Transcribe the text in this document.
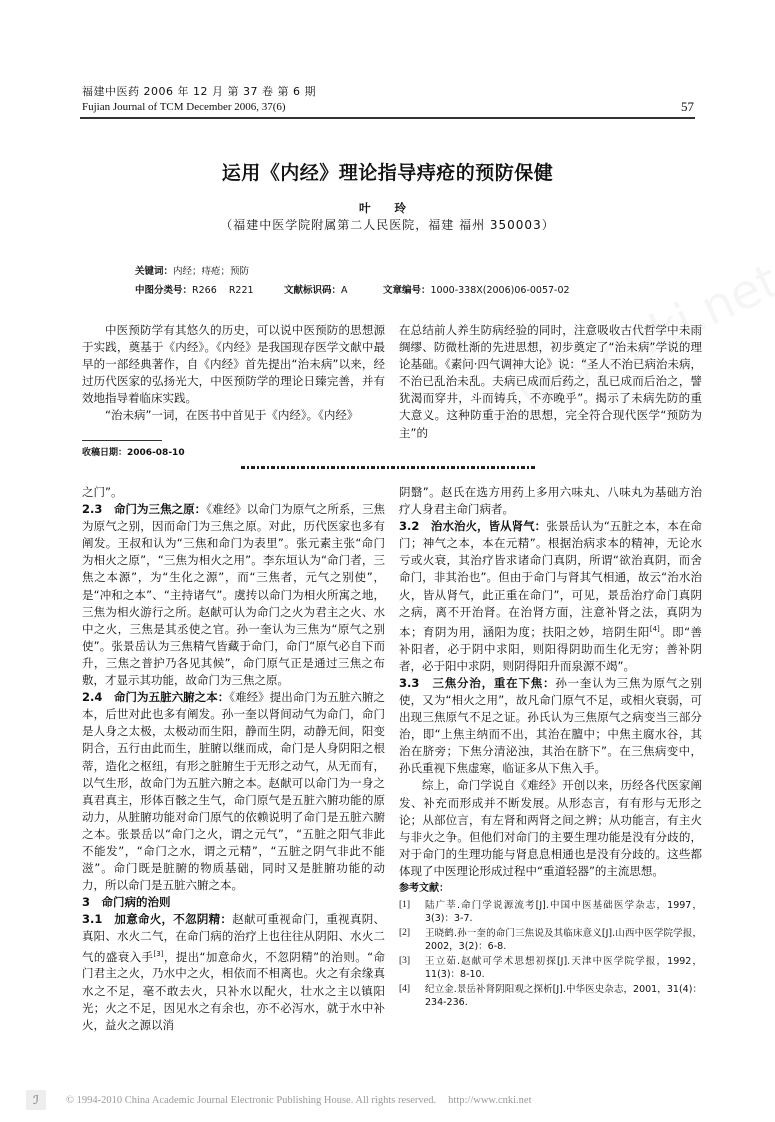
福建中医药 2006 年 12 月 第 37 卷 第 6 期
Fujian Journal of TCM December 2006, 37(6)	57
运用《内经》理论指导痔疮的预防保健
叶 玲
（福建中医学院附属第二人民医院，福建 福州 350003）
关键词：内经；痔疮；预防
中图分类号：R266    R221	文献标识码：A	文章编号：1000-338X(2006)06-0057-02

中医预防学有其悠久的历史，可以说中医预防的思想源于实践，奠基于《内经》。《内经》是我国现存医学文献中最早的一部经典著作，自《内经》首先提出“治未病”以来，经过历代医家的弘扬光大，中医预防学的理论日臻完善，并有效地指导着临床实践。

“治未病”一词，在医书中首见于《内经》。《内经》

在总结前人养生防病经验的同时，注意吸收古代哲学中未雨绸缪、防微杜渐的先进思想，初步奠定了“治未病”学说的理论基础。《素问·四气调神大论》说：“圣人不治已病治未病，不治已乱治未乱。夫病已成而后药之，乱已成而后治之，譬犹渴而穿井，斗而铸兵，不亦晚乎”。揭示了未病先防的重大意义。这种防重于治的思想，完全符合现代医学“预防为主”的

收稿日期：2006-08-10

之门”。

2.3　命门为三焦之原：《难经》以命门为原气之所系，三焦为原气之别，因而命门为三焦之原。对此，历代医家也多有阐发。王叔和认为“三焦和命门为表里”。张元素主张“命门为相火之原”，“三焦为相火之用”。李东垣认为“命门者，三焦之本源”，为“生化之源”，而“三焦者，元气之别使”，是“冲和之本”、“主持诸气”。虞抟以命门为相火所寓之地，三焦为相火游行之所。赵献可认为命门之火为君主之火、水中之火，三焦是其丞使之官。孙一奎认为三焦为“原气之别使”。张景岳认为三焦精气皆藏于命门，命门“原气必自下而升，三焦之普护乃各见其候”，命门原气正是通过三焦之布敷，才显示其功能，故命门为三焦之原。

2.4　命门为五脏六腑之本：《难经》提出命门为五脏六腑之本，后世对此也多有阐发。孙一奎以肾间动气为命门，命门是人身之太极，太极动而生阳，静而生阴，动静无间，阳变阴合，五行由此而生，脏腑以继而成，命门是人身阴阳之根蒂，造化之枢纽，有形之脏腑生于无形之动气，从无而有，以气生形，故命门为五脏六腑之本。赵献可以命门为一身之真君真主，形体百骸之生气，命门原气是五脏六腑功能的原动力，从脏腑功能对命门原气的依赖说明了命门是五脏六腑之本。张景岳以“命门之火，谓之元气”，“五脏之阳气非此不能发”，“命门之水，谓之元精”，“五脏之阴气非此不能滋”。命门既是脏腑的物质基础，同时又是脏腑功能的动力，所以命门是五脏六腑之本。

3　命门病的治则

3.1　加意命火，不忽阴精：赵献可重视命门，重视真阴、真阳、水火二气，在命门病的治疗上也往往从阴阳、水火二气的盛衰入手[3]，提出“加意命火，不忽阴精”的治则。“命门君主之火，乃水中之火，相依而不相离也。火之有余缘真水之不足，毫不敢去火，只补水以配火，壮水之主以镇阳光；火之不足，因见水之有余也，亦不必泻水，就于水中补火，益火之源以消

阴翳”。赵氏在选方用药上多用六味丸、八味丸为基础方治疗人身君主命门病者。

3.2　治水治火，皆从肾气：张景岳认为“五脏之本，本在命门；神气之本，本在元精”。根据治病求本的精神，无论水亏或火衰，其治疗皆求诸命门真阴，所谓“欲治真阴，而舍命门，非其治也”。但由于命门与肾其气相通，故云“治水治火，皆从肾气，此正重在命门”，可见，景岳治疗命门真阴之病，离不开治肾。在治肾方面，注意补肾之法，真阴为本；育阴为用，涵阳为度；扶阳之妙，培阴生阳[4]。即“善补阳者，必于阴中求阳，则阳得阴助而生化无穷；善补阴者，必于阳中求阴，则阴得阳升而泉源不竭”。

3.3　三焦分治，重在下焦：孙一奎认为三焦为原气之别使，又为“相火之用”，故凡命门原气不足，或相火衰弱，可出现三焦原气不足之证。孙氏认为三焦原气之病变当三部分治，即“上焦主纳而不出，其治在膻中；中焦主腐水谷，其治在脐旁；下焦分清泌浊，其治在脐下”。在三焦病变中，孙氏重视下焦虚寒，临证多从下焦入手。

综上，命门学说自《难经》开创以来，历经各代医家阐发、补充而形成并不断发展。从形态言，有有形与无形之论；从部位言，有左肾和两肾之间之辨；从功能言，有主火与非火之争。但他们对命门的主要生理功能是没有分歧的，对于命门的生理功能与肾息息相通也是没有分歧的。这些都体现了中医理论形成过程中“重道轻器”的主流思想。

参考文献：
[1]	陆广莘.命门学说源流考[J].中国中医基础医学杂志，1997，3(3)：3-7.
[2]	王晓鹤.孙一奎的命门三焦说及其临床意义[J].山西中医学院学报，2002，3(2)：6-8.
[3]	王立茹.赵献可学术思想初探[J].天津中医学院学报，1992，11(3)：8-10.
[4]	纪立金.景岳补肾阴阳观之探析[J].中华医史杂志，2001，31(4)：234-236.
ℐ	© 1994-2010 China Academic Journal Electronic Publishing House. All rights reserved. http://www.cnki.net
